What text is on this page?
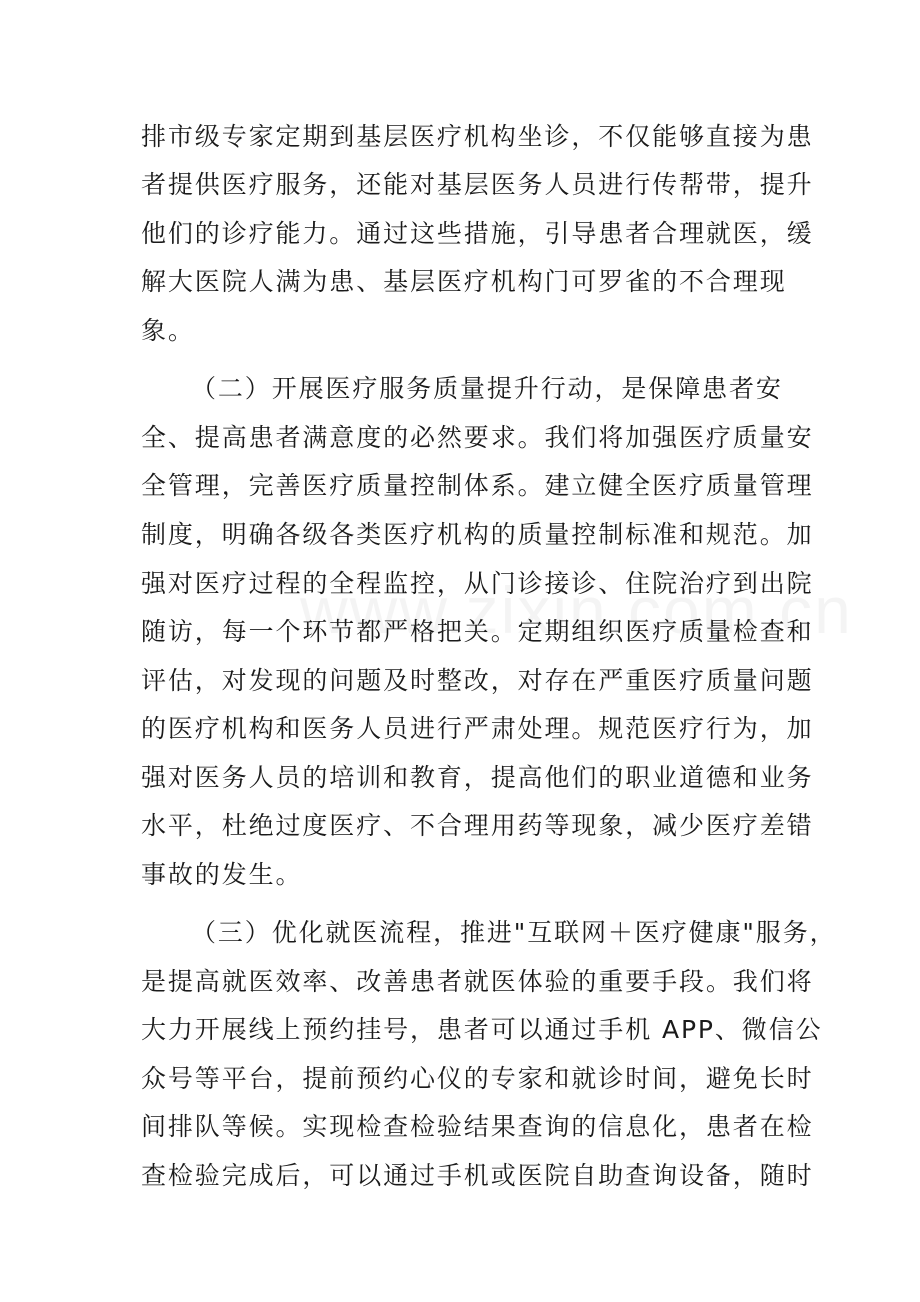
排市级专家定期到基层医疗机构坐诊，不仅能够直接为患
者提供医疗服务，还能对基层医务人员进行传帮带，提升
他们的诊疗能力。通过这些措施，引导患者合理就医，缓
解大医院人满为患、基层医疗机构门可罗雀的不合理现
象。
（二）开展医疗服务质量提升行动，是保障患者安
全、提高患者满意度的必然要求。我们将加强医疗质量安
全管理，完善医疗质量控制体系。建立健全医疗质量管理
制度，明确各级各类医疗机构的质量控制标准和规范。加
强对医疗过程的全程监控，从门诊接诊、住院治疗到出院
随访，每一个环节都严格把关。定期组织医疗质量检查和
评估，对发现的问题及时整改，对存在严重医疗质量问题
的医疗机构和医务人员进行严肃处理。规范医疗行为，加
强对医务人员的培训和教育，提高他们的职业道德和业务
水平，杜绝过度医疗、不合理用药等现象，减少医疗差错
事故的发生。
（三）优化就医流程，推进"互联网＋医疗健康"服务，
是提高就医效率、改善患者就医体验的重要手段。我们将
大力开展线上预约挂号，患者可以通过手机 APP、微信公
众号等平台，提前预约心仪的专家和就诊时间，避免长时
间排队等候。实现检查检验结果查询的信息化，患者在检
查检验完成后，可以通过手机或医院自助查询设备，随时
